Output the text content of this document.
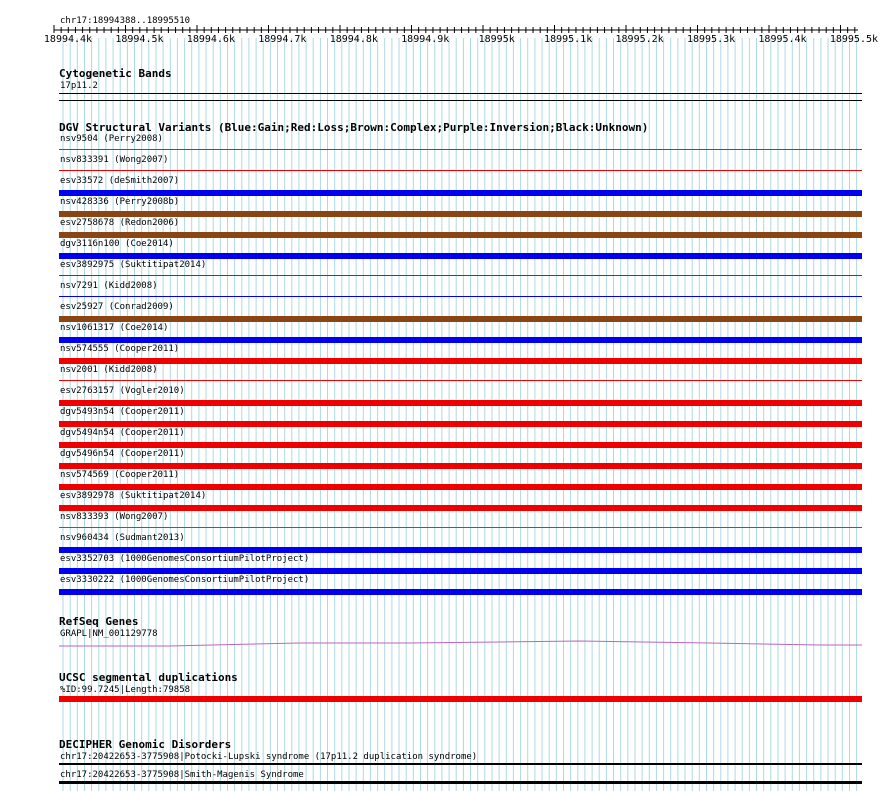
chr17:18994388..18995510
18994.4k 18994.5k 18994.6k 18994.7k 18994.8k 18994.9k	18995k	18995.1k 18995.2k 18995.3k 18995.4k 18995.5k
Cytogenetic Bands
17p11.2
DGV Structural Variants (Blue:Gain;Red:Loss;Brown:Complex;Purple:Inversion;Black:Unknown)
nsv9504 (Perry2008)
nsv833391 (Wong2007)
esv33572 (deSmith2007)
nsv428336 (Perry2008b)
esv2758678 (Redon2006)
dgv3116n100 (Coe2014)
esv3892975 (Suktitipat2014)
nsv7291 (Kidd2008)
esv25927 (Conrad2009)
nsv1061317 (Coe2014)
nsv574555 (Cooper2011)
nsv2001 (Kidd2008)
esv2763157 (Vogler2010)
dgv5493n54 (Cooper2011)
dgv5494n54 (Cooper2011)
dgv5496n54 (Cooper2011)
nsv574569 (Cooper2011)
esv3892978 (Suktitipat2014)
nsv833393 (Wong2007)
nsv960434 (Sudmant2013)
esv3352703 (1000GenomesConsortiumPilotProject)
esv3330222 (1000GenomesConsortiumPilotProject)
RefSeq Genes
GRAPL|NM_001129778
UCSC segmental duplications
%ID:99.7245|Length:79858
DECIPHER Genomic Disorders
chr17:20422653-3775908|Potocki-Lupski syndrome (17p11.2 duplication syndrome)
chr17:20422653-3775908|Smith-Magenis Syndrome
